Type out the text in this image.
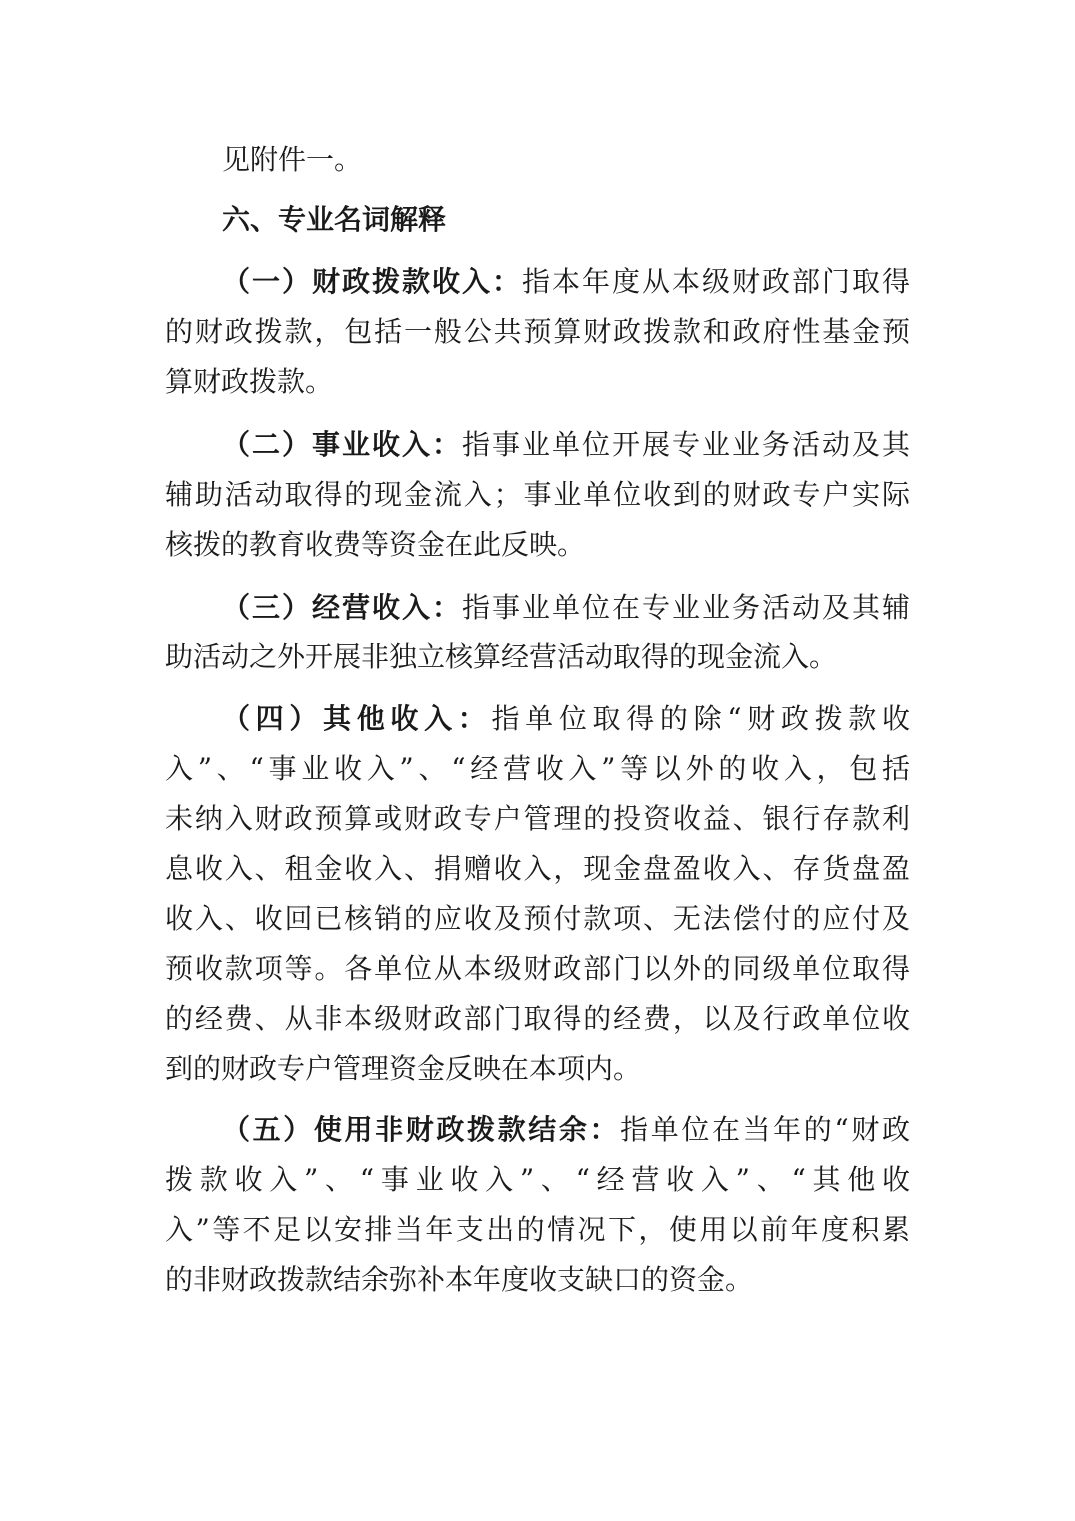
见附件一。
六、专业名词解释
（一）财政拨款收入：指本年度从本级财政部门取得
的财政拨款，包括一般公共预算财政拨款和政府性基金预
算财政拨款。
（二）事业收入：指事业单位开展专业业务活动及其
辅助活动取得的现金流入；事业单位收到的财政专户实际
核拨的教育收费等资金在此反映。
（三）经营收入：指事业单位在专业业务活动及其辅
助活动之外开展非独立核算经营活动取得的现金流入。
（四）其他收入：指单位取得的除“财政拨款收
入”、“事业收入”、“经营收入”等以外的收入，包括
未纳入财政预算或财政专户管理的投资收益、银行存款利
息收入、租金收入、捐赠收入，现金盘盈收入、存货盘盈
收入、收回已核销的应收及预付款项、无法偿付的应付及
预收款项等。各单位从本级财政部门以外的同级单位取得
的经费、从非本级财政部门取得的经费，以及行政单位收
到的财政专户管理资金反映在本项内。
（五）使用非财政拨款结余：指单位在当年的“财政
拨款收入”、“事业收入”、“经营收入”、“其他收
入”等不足以安排当年支出的情况下，使用以前年度积累
的非财政拨款结余弥补本年度收支缺口的资金。
